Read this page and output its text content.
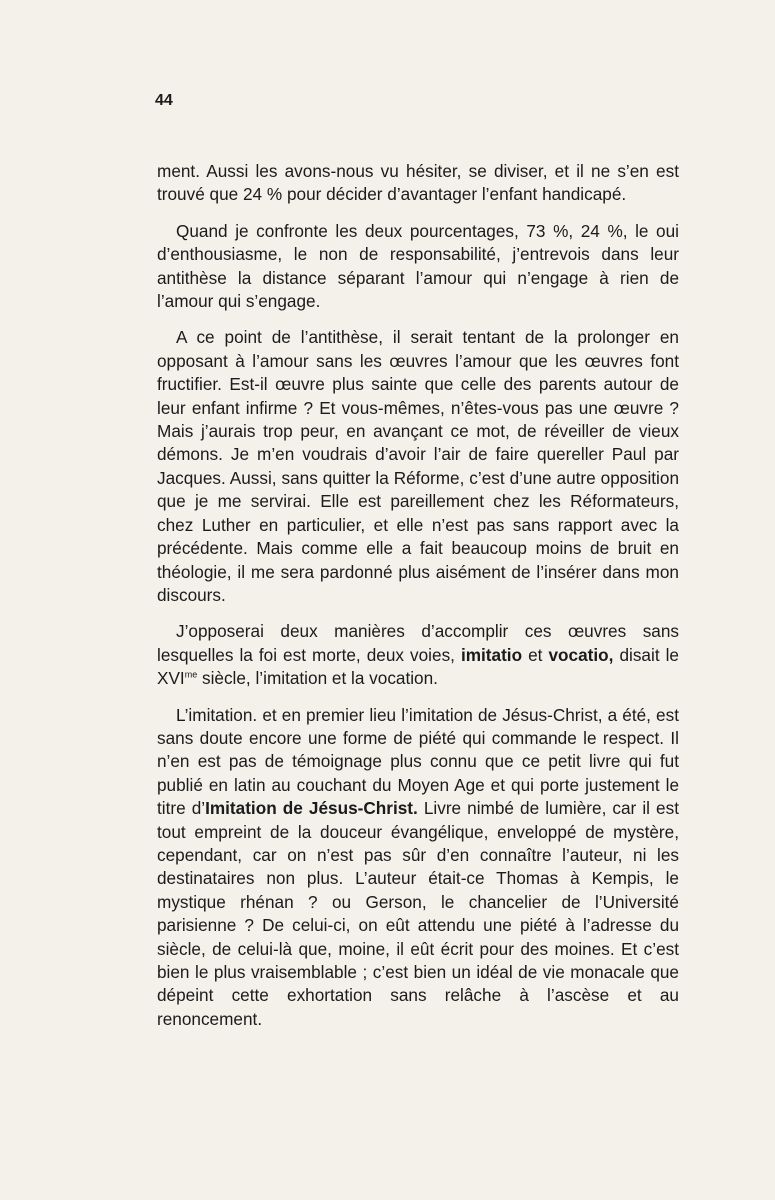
44

ment. Aussi les avons-nous vu hésiter, se diviser, et il ne s’en est trouvé que 24 % pour décider d’avantager l’enfant handicapé.

Quand je confronte les deux pourcentages, 73 %, 24 %, le oui d’enthousiasme, le non de responsabilité, j’entrevois dans leur antithèse la distance séparant l’amour qui n’engage à rien de l’amour qui s’engage.

A ce point de l’antithèse, il serait tentant de la prolonger en opposant à l’amour sans les œuvres l’amour que les œuvres font fructifier. Est-il œuvre plus sainte que celle des parents autour de leur enfant infirme ? Et vous-mêmes, n’êtes-vous pas une œuvre ? Mais j’aurais trop peur, en avançant ce mot, de réveiller de vieux démons. Je m’en voudrais d’avoir l’air de faire quereller Paul par Jacques. Aussi, sans quitter la Réforme, c’est d’une autre opposition que je me servirai. Elle est pareillement chez les Réformateurs, chez Luther en particulier, et elle n’est pas sans rapport avec la précédente. Mais comme elle a fait beaucoup moins de bruit en théologie, il me sera pardonné plus aisément de l’insérer dans mon discours.

J’opposerai deux manières d’accomplir ces œuvres sans lesquelles la foi est morte, deux voies, imitatio et vocatio, disait le $XVI^{me}$ siècle, l’imitation et la vocation.

L’imitation. et en premier lieu l’imitation de Jésus-Christ, a été, est sans doute encore une forme de piété qui commande le respect. Il n’en est pas de témoignage plus connu que ce petit livre qui fut publié en latin au couchant du Moyen Age et qui porte justement le titre d’Imitation de Jésus-Christ. Livre nimbé de lumière, car il est tout empreint de la douceur évangélique, enveloppé de mystère, cependant, car on n’est pas sûr d’en connaître l’auteur, ni les destinataires non plus. L’auteur était-ce Thomas à Kempis, le mystique rhénan ? ou Gerson, le chancelier de l’Université parisienne ? De celui-ci, on eût attendu une piété à l’adresse du siècle, de celui-là que, moine, il eût écrit pour des moines. Et c’est bien le plus vraisemblable ; c’est bien un idéal de vie monacale que dépeint cette exhortation sans relâche à l’ascèse et au renoncement.
